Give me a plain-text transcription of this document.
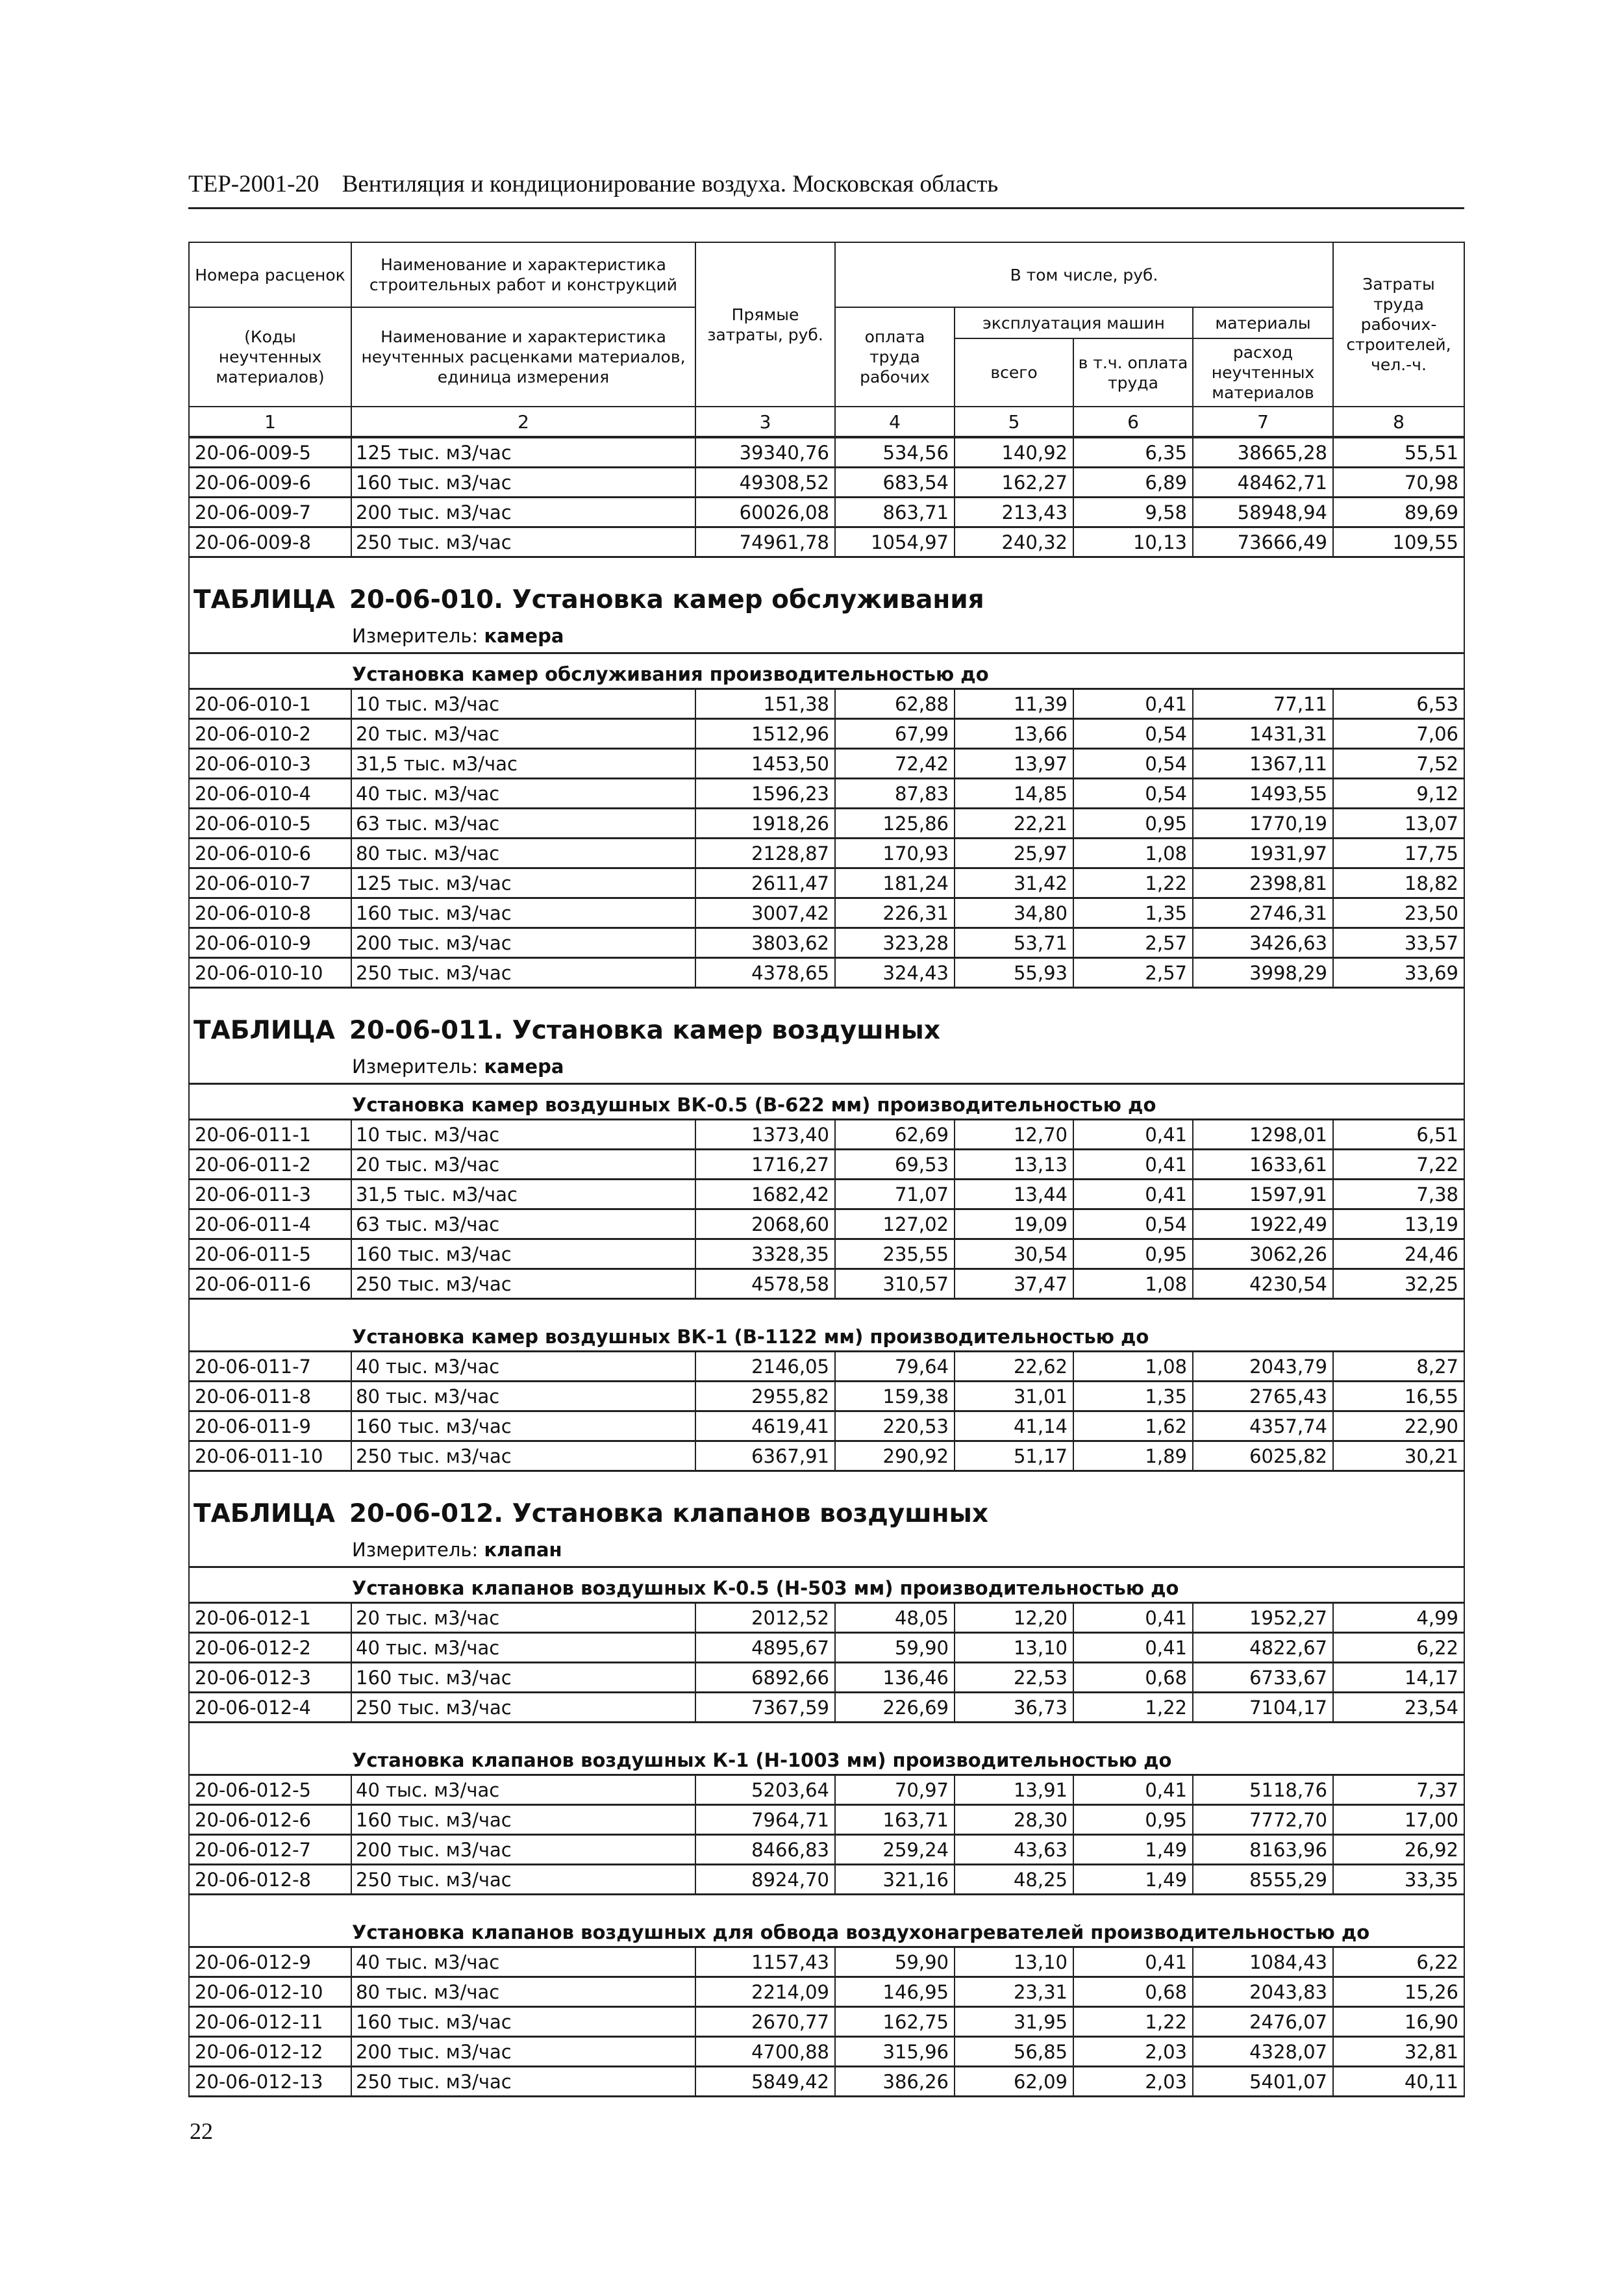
ТЕР-2001-20 Вентиляция и кондиционирование воздуха. Московская область
Номера расценок	Наименование и характеристика строительных работ и конструкций	Прямые затраты, руб.	В том числе, руб.				Затраты труда рабочих-строителей, чел.-ч.
(Коды неучтенных материалов)	Наименование и характеристика неучтенных расценками материалов, единица измерения		оплата труда рабочих	эксплуатация машин		материалы	
				всего	в т.ч. оплата труда	расход неучтенных материалов	
1	2	3	4	5	6	7	8
20-06-009-5	125 тыс. м3/час	39340,76	534,56	140,92	6,35	38665,28	55,51
20-06-009-6	160 тыс. м3/час	49308,52	683,54	162,27	6,89	48462,71	70,98
20-06-009-7	200 тыс. м3/час	60026,08	863,71	213,43	9,58	58948,94	89,69
20-06-009-8	250 тыс. м3/час	74961,78	1054,97	240,32	10,13	73666,49	109,55
ТАБЛИЦА 20-06-010. Установка камер обслуживания							
Измеритель: камера							
Установка камер обслуживания производительностью до							
20-06-010-1	10 тыс. м3/час	151,38	62,88	11,39	0,41	77,11	6,53
20-06-010-2	20 тыс. м3/час	1512,96	67,99	13,66	0,54	1431,31	7,06
20-06-010-3	31,5 тыс. м3/час	1453,50	72,42	13,97	0,54	1367,11	7,52
20-06-010-4	40 тыс. м3/час	1596,23	87,83	14,85	0,54	1493,55	9,12
20-06-010-5	63 тыс. м3/час	1918,26	125,86	22,21	0,95	1770,19	13,07
20-06-010-6	80 тыс. м3/час	2128,87	170,93	25,97	1,08	1931,97	17,75
20-06-010-7	125 тыс. м3/час	2611,47	181,24	31,42	1,22	2398,81	18,82
20-06-010-8	160 тыс. м3/час	3007,42	226,31	34,80	1,35	2746,31	23,50
20-06-010-9	200 тыс. м3/час	3803,62	323,28	53,71	2,57	3426,63	33,57
20-06-010-10	250 тыс. м3/час	4378,65	324,43	55,93	2,57	3998,29	33,69
ТАБЛИЦА 20-06-011. Установка камер воздушных							
Измеритель: камера							
Установка камер воздушных ВК-0.5 (В-622 мм) производительностью до							
20-06-011-1	10 тыс. м3/час	1373,40	62,69	12,70	0,41	1298,01	6,51
20-06-011-2	20 тыс. м3/час	1716,27	69,53	13,13	0,41	1633,61	7,22
20-06-011-3	31,5 тыс. м3/час	1682,42	71,07	13,44	0,41	1597,91	7,38
20-06-011-4	63 тыс. м3/час	2068,60	127,02	19,09	0,54	1922,49	13,19
20-06-011-5	160 тыс. м3/час	3328,35	235,55	30,54	0,95	3062,26	24,46
20-06-011-6	250 тыс. м3/час	4578,58	310,57	37,47	1,08	4230,54	32,25
Установка камер воздушных ВК-1 (В-1122 мм) производительностью до							
20-06-011-7	40 тыс. м3/час	2146,05	79,64	22,62	1,08	2043,79	8,27
20-06-011-8	80 тыс. м3/час	2955,82	159,38	31,01	1,35	2765,43	16,55
20-06-011-9	160 тыс. м3/час	4619,41	220,53	41,14	1,62	4357,74	22,90
20-06-011-10	250 тыс. м3/час	6367,91	290,92	51,17	1,89	6025,82	30,21
ТАБЛИЦА 20-06-012. Установка клапанов воздушных							
Измеритель: клапан							
Установка клапанов воздушных К-0.5 (Н-503 мм) производительностью до							
20-06-012-1	20 тыс. м3/час	2012,52	48,05	12,20	0,41	1952,27	4,99
20-06-012-2	40 тыс. м3/час	4895,67	59,90	13,10	0,41	4822,67	6,22
20-06-012-3	160 тыс. м3/час	6892,66	136,46	22,53	0,68	6733,67	14,17
20-06-012-4	250 тыс. м3/час	7367,59	226,69	36,73	1,22	7104,17	23,54
Установка клапанов воздушных К-1 (Н-1003 мм) производительностью до							
20-06-012-5	40 тыс. м3/час	5203,64	70,97	13,91	0,41	5118,76	7,37
20-06-012-6	160 тыс. м3/час	7964,71	163,71	28,30	0,95	7772,70	17,00
20-06-012-7	200 тыс. м3/час	8466,83	259,24	43,63	1,49	8163,96	26,92
20-06-012-8	250 тыс. м3/час	8924,70	321,16	48,25	1,49	8555,29	33,35
Установка клапанов воздушных для обвода воздухонагревателей производительностью до							
20-06-012-9	40 тыс. м3/час	1157,43	59,90	13,10	0,41	1084,43	6,22
20-06-012-10	80 тыс. м3/час	2214,09	146,95	23,31	0,68	2043,83	15,26
20-06-012-11	160 тыс. м3/час	2670,77	162,75	31,95	1,22	2476,07	16,90
20-06-012-12	200 тыс. м3/час	4700,88	315,96	56,85	2,03	4328,07	32,81
20-06-012-13	250 тыс. м3/час	5849,42	386,26	62,09	2,03	5401,07	40,11
22
